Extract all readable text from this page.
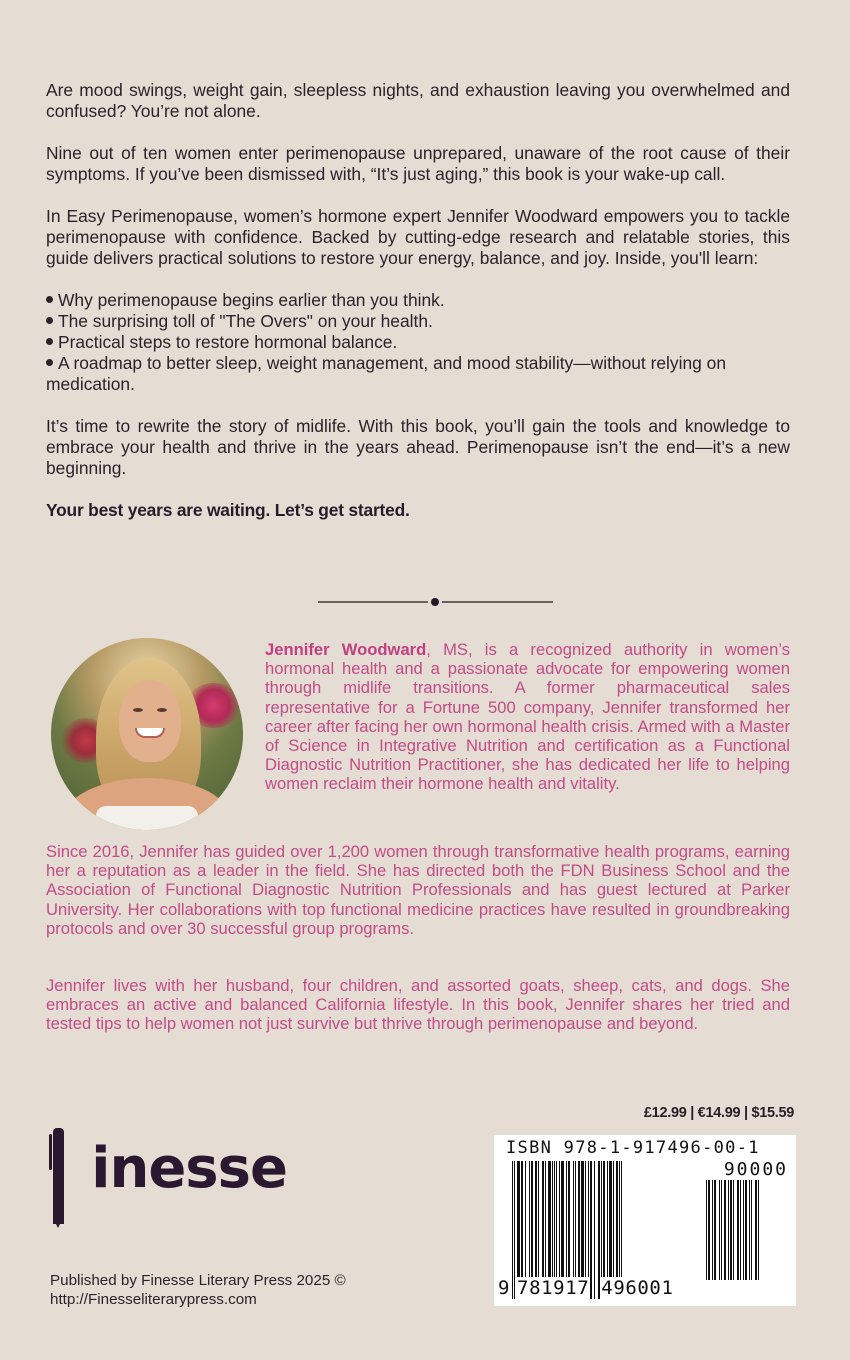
Are mood swings, weight gain, sleepless nights, and exhaustion leaving you overwhelmed and confused? You’re not alone.

Nine out of ten women enter perimenopause unprepared, unaware of the root cause of their symptoms. If you’ve been dismissed with, “It’s just aging,” this book is your wake-up call.

In Easy Perimenopause, women’s hormone expert Jennifer Woodward empowers you to tackle perimenopause with confidence. Backed by cutting-edge research and relatable stories, this guide delivers practical solutions to restore your energy, balance, and joy. Inside, you'll learn:

Why perimenopause begins earlier than you think.
The surprising toll of "The Overs" on your health.
Practical steps to restore hormonal balance.
A roadmap to better sleep, weight management, and mood stability—without relying on medication.

It’s time to rewrite the story of midlife. With this book, you’ll gain the tools and knowledge to embrace your health and thrive in the years ahead. Perimenopause isn’t the end—it’s a new beginning.

Your best years are waiting. Let’s get started.
Jennifer Woodward, MS, is a recognized authority in women’s hormonal health and a passionate advocate for empowering women through midlife transitions. A former pharmaceutical sales representative for a Fortune 500 company, Jennifer transformed her career after facing her own hormonal health crisis. Armed with a Master of Science in Integrative Nutrition and certification as a Functional Diagnostic Nutrition Practitioner, she has dedicated her life to helping women reclaim their hormone health and vitality.
Since 2016, Jennifer has guided over 1,200 women through transformative health programs, earning her a reputation as a leader in the field. She has directed both the FDN Business School and the Association of Functional Diagnostic Nutrition Professionals and has guest lectured at Parker University. Her collaborations with top functional medicine practices have resulted in groundbreaking protocols and over 30 successful group programs.
Jennifer lives with her husband, four children, and assorted goats, sheep, cats, and dogs. She embraces an active and balanced California lifestyle. In this book, Jennifer shares her tried and tested tips to help women not just survive but thrive through perimenopause and beyond.
inesse
Published by Finesse Literary Press 2025 ©
http://Finesseliterarypress.com
£12.99 | €14.99 | $15.59
ISBN 978-1-917496-00-1
90000
9 781917 496001
